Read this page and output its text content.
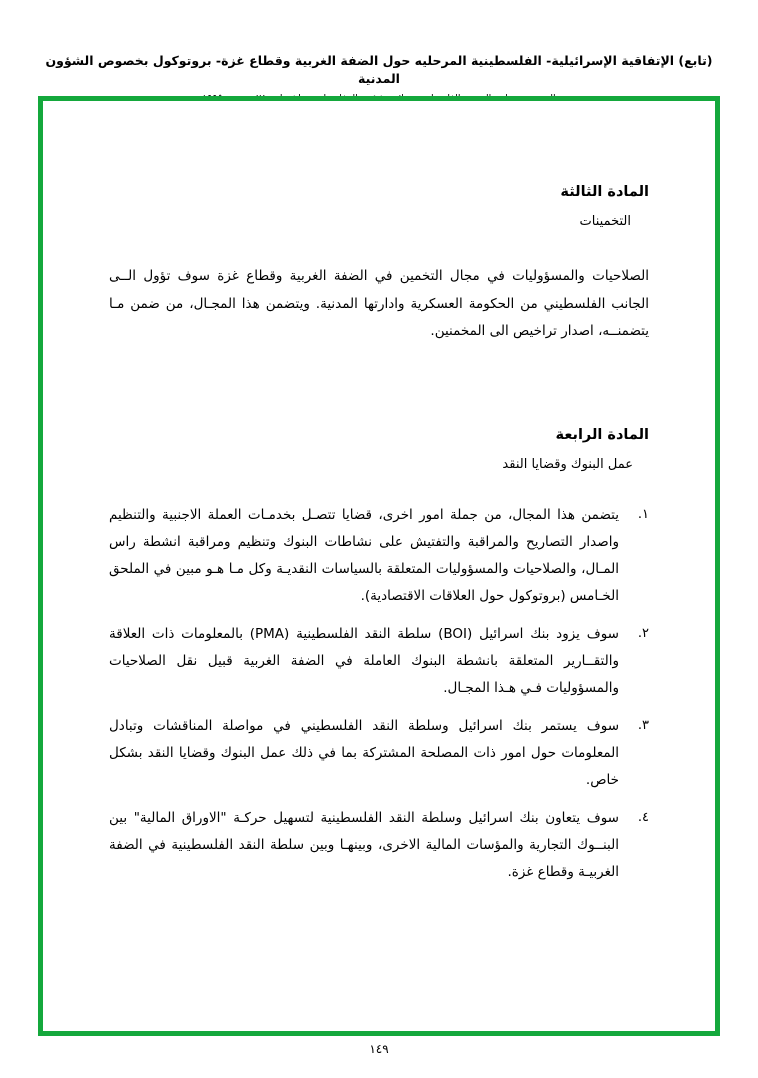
(تابع) الإتفاقية الإسرائيلية- الفلسطينية المرحليه حول الضفة الغربية وقطاع غزة- بروتوكول بخصوص الشؤون المدنية
المادة الثالثة
التخمينات

الصلاحيات والمسؤوليات في مجال التخمين في الضفة الغربية وقطاع غزة سوف تؤول الــى الجانب الفلسطيني من الحكومة العسكرية وادارتها المدنية. ويتضمن هذا المجـال، من ضمن مـا يتضمنــه، اصدار تراخيص الى المخمنين.

المادة الرابعة
عمل البنوك وقضايا النقد
١.
يتضمن هذا المجال، من جملة امور اخرى، قضايا تتصـل بخدمـات العملة الاجنبية والتنظيم واصدار التصاريح والمراقبة والتفتيش على نشاطات البنوك وتنظيم ومراقبة انشطة راس المـال، والصلاحيات والمسؤوليات المتعلقة بالسياسات النقديـة وكل مـا هـو مبين في الملحق الخـامس (بروتوكول حول العلاقات الاقتصادية).
٢.
سوف يزود بنك اسرائيل (BOI) سلطة النقد الفلسطينية (PMA) بالمعلومات ذات العلاقة والتقــارير المتعلقة بانشطة البنوك العاملة في الضفة الغربية قبيل نقل الصلاحيات والمسؤوليات فـي هـذا المجـال.
٣.
سوف يستمر بنك اسرائيل وسلطة النقد الفلسطيني في مواصلة المناقشات وتبادل المعلومات حول امور ذات المصلحة المشتركة بما في ذلك عمل البنوك وقضايا النقد بشكل خاص.
٤.
سوف يتعاون بنك اسرائيل وسلطة النقد الفلسطينية لتسهيل حركـة "الاوراق المالية" بين البنــوك التجارية والمؤسات المالية الاخرى، وبينهـا وبين سلطة النقد الفلسطينية في الضفة الغربيـة وقطاع غزة.
١٤٩
